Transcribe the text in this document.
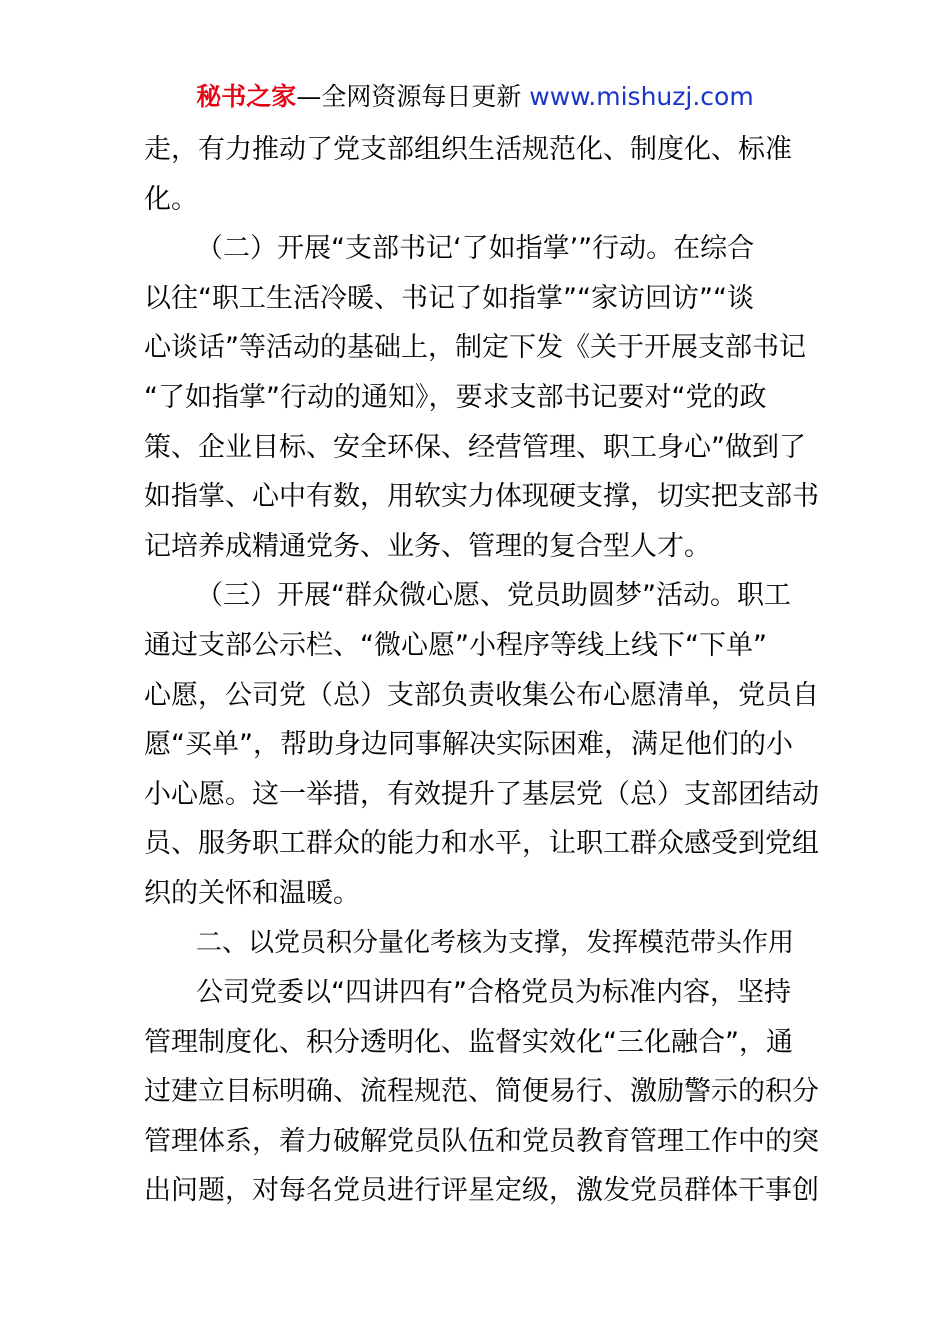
秘书之家—全网资源每日更新 www.mishuzj.com
走，有力推动了党支部组织生活规范化、制度化、标准
化。
（二）开展“支部书记‘了如指掌’”行动。在综合
以往“职工生活冷暖、书记了如指掌”“家访回访”“谈
心谈话”等活动的基础上，制定下发《关于开展支部书记
“了如指掌”行动的通知》，要求支部书记要对“党的政
策、企业目标、安全环保、经营管理、职工身心”做到了
如指掌、心中有数，用软实力体现硬支撑，切实把支部书
记培养成精通党务、业务、管理的复合型人才。
（三）开展“群众微心愿、党员助圆梦”活动。职工
通过支部公示栏、“微心愿”小程序等线上线下“下单”
心愿，公司党（总）支部负责收集公布心愿清单，党员自
愿“买单”，帮助身边同事解决实际困难，满足他们的小
小心愿。这一举措，有效提升了基层党（总）支部团结动
员、服务职工群众的能力和水平，让职工群众感受到党组
织的关怀和温暖。
二、以党员积分量化考核为支撑，发挥模范带头作用
公司党委以“四讲四有”合格党员为标准内容，坚持
管理制度化、积分透明化、监督实效化“三化融合”，通
过建立目标明确、流程规范、简便易行、激励警示的积分
管理体系，着力破解党员队伍和党员教育管理工作中的突
出问题，对每名党员进行评星定级，激发党员群体干事创
